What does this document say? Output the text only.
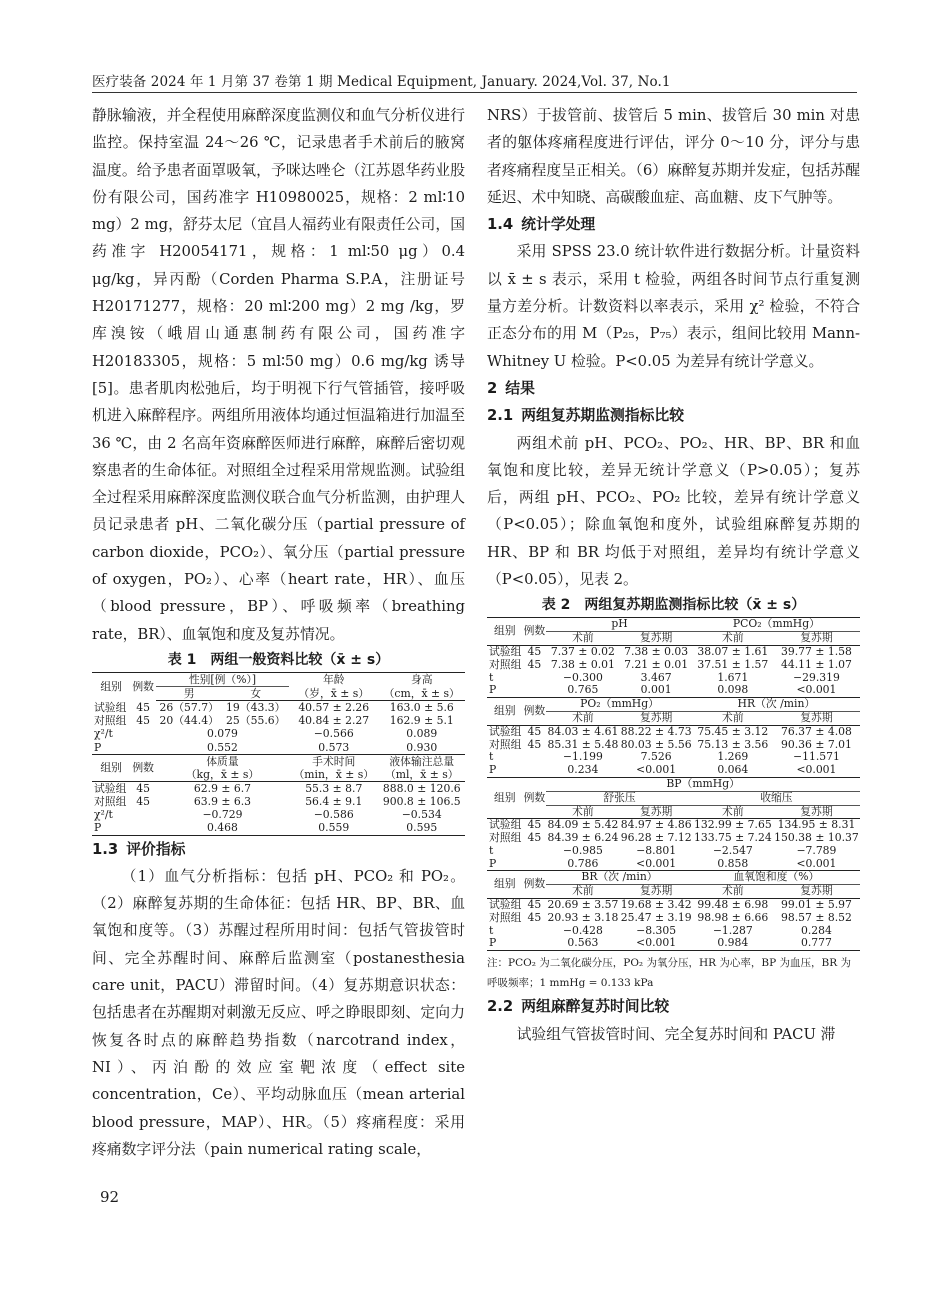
医疗装备 2024 年 1 月第 37 卷第 1 期 Medical Equipment, January. 2024,Vol. 37, No.1

静脉输液，并全程使用麻醉深度监测仪和血气分析仪进行监控。保持室温 24～26 ℃，记录患者手术前后的腋窝温度。给予患者面罩吸氧，予咪达唑仑（江苏恩华药业股份有限公司，国药准字 H10980025，规格：2 ml∶10 mg）2 mg，舒芬太尼（宜昌人福药业有限责任公司，国药准字 H20054171，规格：1 ml∶50 μg）0.4 μg/kg，异丙酚（Corden Pharma S.P.A，注册证号 H20171277，规格：20 ml∶200 mg）2 mg /kg，罗库溴铵（峨眉山通惠制药有限公司，国药准字 H20183305，规格：5 ml∶50 mg）0.6 mg/kg 诱导[5]。患者肌肉松弛后，均于明视下行气管插管，接呼吸机进入麻醉程序。两组所用液体均通过恒温箱进行加温至 36 ℃，由 2 名高年资麻醉医师进行麻醉，麻醉后密切观察患者的生命体征。对照组全过程采用常规监测。试验组全过程采用麻醉深度监测仪联合血气分析监测，由护理人员记录患者 pH、二氧化碳分压（partial pressure of carbon dioxide，PCO₂）、氧分压（partial pressure of oxygen，PO₂）、心率（heart rate，HR）、血压（blood pressure，BP）、呼吸频率（breathing rate，BR）、血氧饱和度及复苏情况。

表 1　两组一般资料比较（x̄ ± s）
组别	例数	性别[例（%）]		年龄	身高
		男	女	（岁，x̄ ± s）	（cm，x̄ ± s）
试验组	45	26（57.7）	19（43.3）	40.57 ± 2.26	163.0 ± 5.6
对照组	45	20（44.4）	25（55.6）	40.84 ± 2.27	162.9 ± 5.1
χ²/t		0.079		−0.566	0.089
P		0.552		0.573	0.930
组别	例数	体质量		手术时间	液体输注总量
		（kg，x̄ ± s）		（min，x̄ ± s）	（ml，x̄ ± s）
试验组	45	62.9 ± 6.7		55.3 ± 8.7	888.0 ± 120.6
对照组	45	63.9 ± 6.3		56.4 ± 9.1	900.8 ± 106.5
χ²/t		−0.729		−0.586	−0.534
P		0.468		0.559	0.595

1.3 评价指标

（1）血气分析指标：包括 pH、PCO₂ 和 PO₂。（2）麻醉复苏期的生命体征：包括 HR、BP、BR、血氧饱和度等。（3）苏醒过程所用时间：包括气管拔管时间、完全苏醒时间、麻醉后监测室（postanesthesia care unit，PACU）滞留时间。（4）复苏期意识状态：包括患者在苏醒期对刺激无反应、呼之睁眼即刻、定向力恢复各时点的麻醉趋势指数（narcotrand index，NI）、丙泊酚的效应室靶浓度（effect site concentration，Ce）、平均动脉血压（mean arterial blood pressure，MAP）、HR。（5）疼痛程度：采用疼痛数字评分法（pain numerical rating scale，

NRS）于拔管前、拔管后 5 min、拔管后 30 min 对患者的躯体疼痛程度进行评估，评分 0～10 分，评分与患者疼痛程度呈正相关。（6）麻醉复苏期并发症，包括苏醒延迟、术中知晓、高碳酸血症、高血糖、皮下气肿等。

1.4 统计学处理

采用 SPSS 23.0 统计软件进行数据分析。计量资料以 x̄ ± s 表示，采用 t 检验，两组各时间节点行重复测量方差分析。计数资料以率表示，采用 χ² 检验，不符合正态分布的用 M（P₂₅，P₇₅）表示，组间比较用 Mann-Whitney U 检验。P<0.05 为差异有统计学意义。

2 结果

2.1 两组复苏期监测指标比较

两组术前 pH、PCO₂、PO₂、HR、BP、BR 和血氧饱和度比较，差异无统计学意义（P>0.05）；复苏后，两组 pH、PCO₂、PO₂ 比较，差异有统计学意义（P<0.05）；除血氧饱和度外，试验组麻醉复苏期的 HR、BP 和 BR 均低于对照组，差异均有统计学意义（P<0.05），见表 2。

表 2　两组复苏期监测指标比较（x̄ ± s）
组别	例数	pH		PCO₂（mmHg）	
		术前	复苏期	术前	复苏期
试验组	45	7.37 ± 0.02	7.38 ± 0.03	38.07 ± 1.61	39.77 ± 1.58
对照组	45	7.38 ± 0.01	7.21 ± 0.01	37.51 ± 1.57	44.11 ± 1.07
t		−0.300	3.467	1.671	−29.319
P		0.765	0.001	0.098	<0.001
组别	例数	PO₂（mmHg）		HR（次 /min）	
		术前	复苏期	术前	复苏期
试验组	45	84.03 ± 4.61	88.22 ± 4.73	75.45 ± 3.12	76.37 ± 4.08
对照组	45	85.31 ± 5.48	80.03 ± 5.56	75.13 ± 3.56	90.36 ± 7.01
t		−1.199	7.526	1.269	−11.571
P		0.234	<0.001	0.064	<0.001
组别	例数	BP（mmHg）			
		舒张压		收缩压	
		术前	复苏期	术前	复苏期
试验组	45	84.09 ± 5.42	84.97 ± 4.86	132.99 ± 7.65	134.95 ± 8.31
对照组	45	84.39 ± 6.24	96.28 ± 7.12	133.75 ± 7.24	150.38 ± 10.37
t		−0.985	−8.801	−2.547	−7.789
P		0.786	<0.001	0.858	<0.001
组别	例数	BR（次 /min）		血氧饱和度（%）	
		术前	复苏期	术前	复苏期
试验组	45	20.69 ± 3.57	19.68 ± 3.42	99.48 ± 6.98	99.01 ± 5.97
对照组	45	20.93 ± 3.18	25.47 ± 3.19	98.98 ± 6.66	98.57 ± 8.52
t		−0.428	−8.305	−1.287	0.284
P		0.563	<0.001	0.984	0.777
注：PCO₂ 为二氧化碳分压，PO₂ 为氧分压，HR 为心率，BP 为血压，BR 为呼吸频率；1 mmHg = 0.133 kPa

2.2 两组麻醉复苏时间比较

试验组气管拔管时间、完全复苏时间和 PACU 滞

92
